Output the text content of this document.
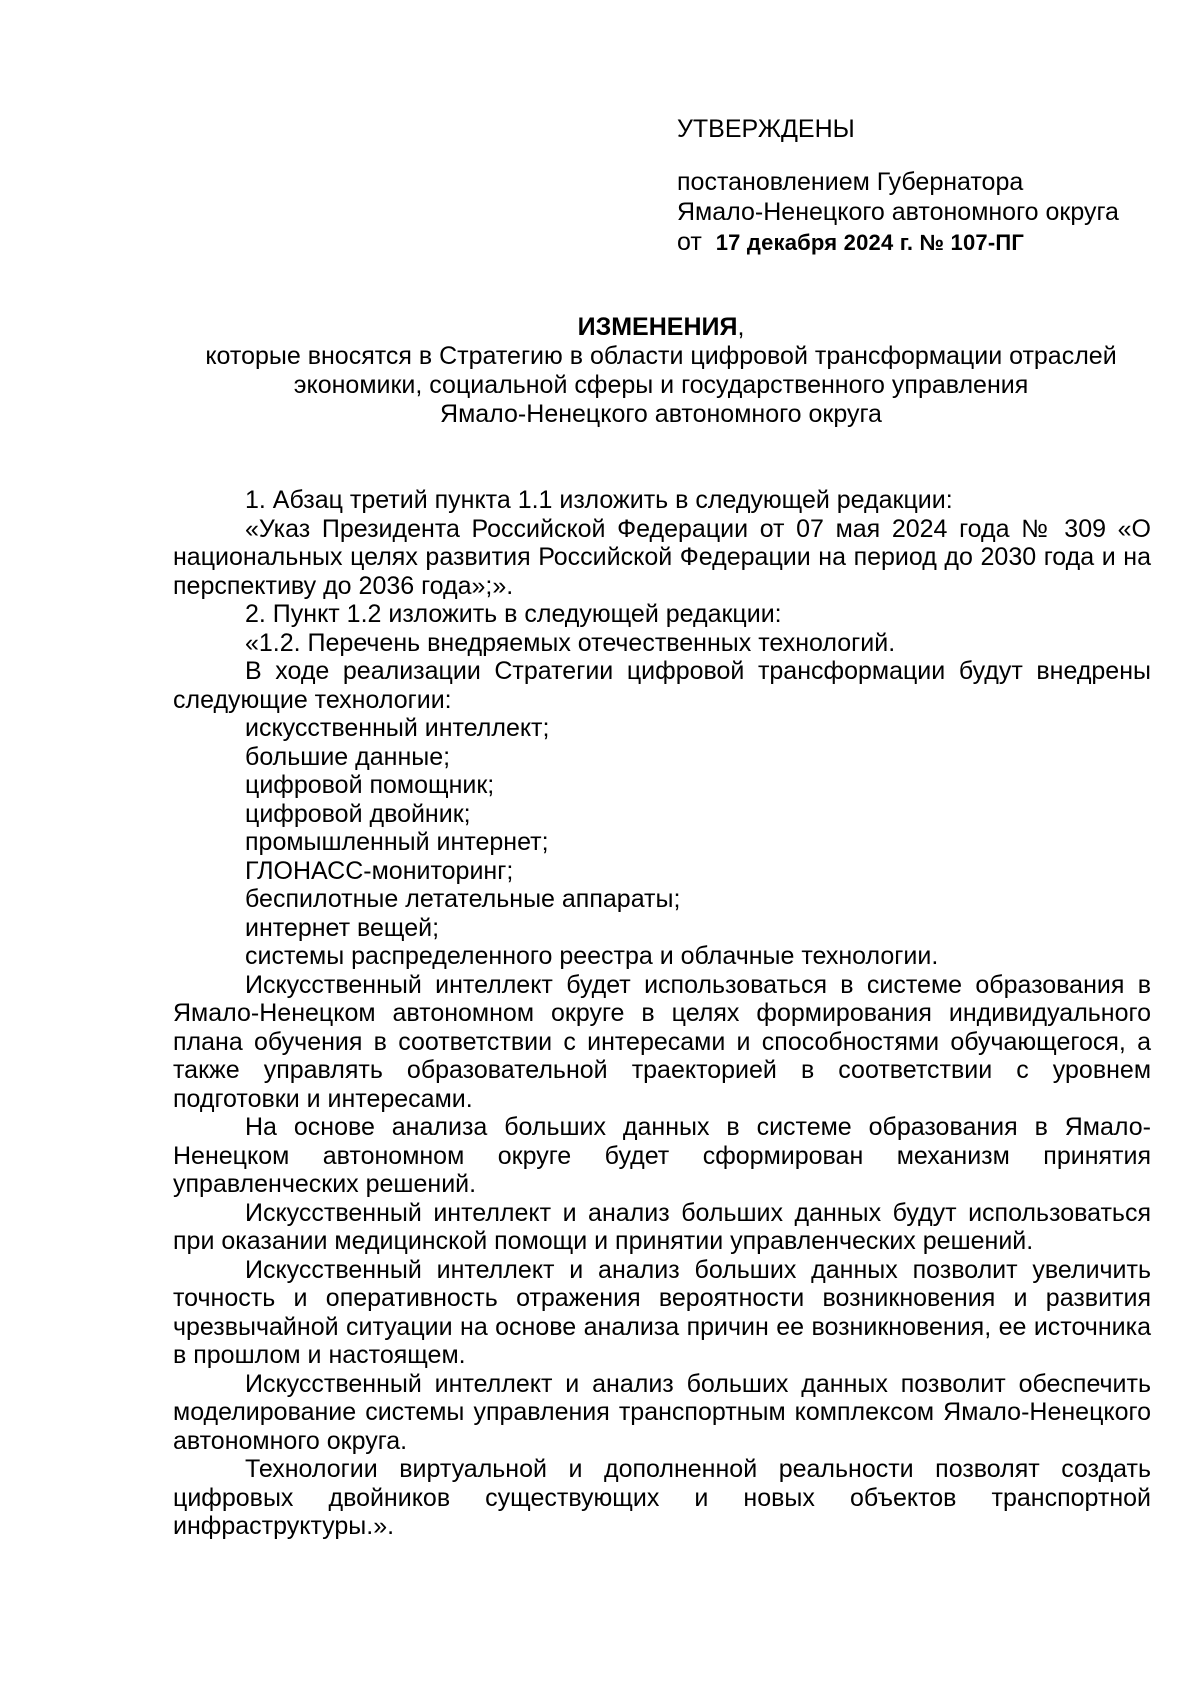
УТВЕРЖДЕНЫ
постановлением Губернатора
Ямало-Ненецкого автономного округа
от 17 декабря 2024 г. № 107-ПГ
ИЗМЕНЕНИЯ,
которые вносятся в Стратегию в области цифровой трансформации отраслей
экономики, социальной сферы и государственного управления
Ямало-Ненецкого автономного округа

1. Абзац третий пункта 1.1 изложить в следующей редакции:

«Указ Президента Российской Федерации от 07 мая 2024 года № 309 «О национальных целях развития Российской Федерации на период до 2030 года и на перспективу до 2036 года»;».

2. Пункт 1.2 изложить в следующей редакции:

«1.2. Перечень внедряемых отечественных технологий.

В ходе реализации Стратегии цифровой трансформации будут внедрены следующие технологии:

искусственный интеллект;

большие данные;

цифровой помощник;

цифровой двойник;

промышленный интернет;

ГЛОНАСС-мониторинг;

беспилотные летательные аппараты;

интернет вещей;

системы распределенного реестра и облачные технологии.

Искусственный интеллект будет использоваться в системе образования в Ямало-Ненецком автономном округе в целях формирования индивидуального плана обучения в соответствии с интересами и способностями обучающегося, а также управлять образовательной траекторией в соответствии с уровнем подготовки и интересами.

На основе анализа больших данных в системе образования в Ямало-Ненецком автономном округе будет сформирован механизм принятия управленческих решений.

Искусственный интеллект и анализ больших данных будут использоваться при оказании медицинской помощи и принятии управленческих решений.

Искусственный интеллект и анализ больших данных позволит увеличить точность и оперативность отражения вероятности возникновения и развития чрезвычайной ситуации на основе анализа причин ее возникновения, ее источника в прошлом и настоящем.

Искусственный интеллект и анализ больших данных позволит обеспечить моделирование системы управления транспортным комплексом Ямало-Ненецкого автономного округа.

Технологии виртуальной и дополненной реальности позволят создать цифровых двойников существующих и новых объектов транспортной инфраструктуры.».
